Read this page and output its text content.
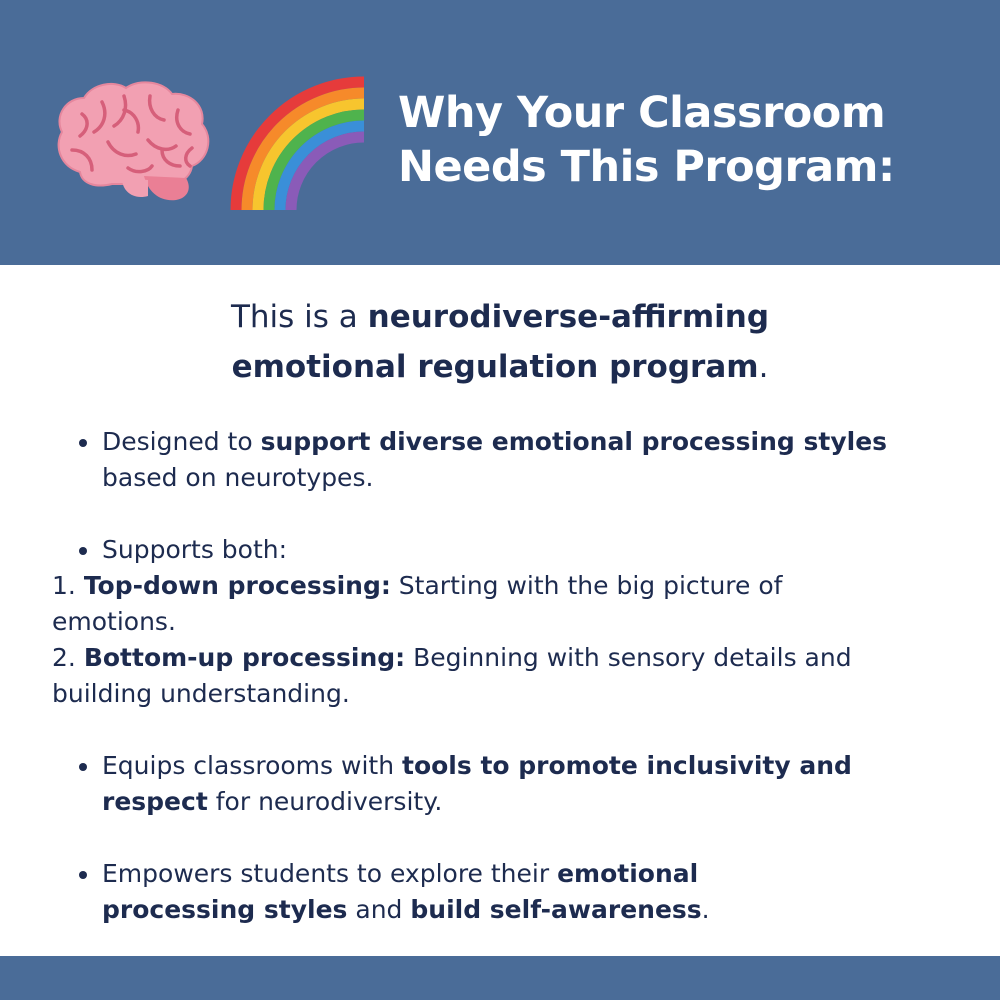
Why Your Classroom
Needs This Program:

This is a neurodiverse-affirming
emotional regulation program.

Designed to support diverse emotional processing styles
based on neurotypes.

Supports both:

1. Top-down processing: Starting with the big picture of
emotions.

2. Bottom-up processing: Beginning with sensory details and
building understanding.

Equips classrooms with tools to promote inclusivity and
respect for neurodiversity.

Empowers students to explore their emotional
processing styles and build self-awareness.
